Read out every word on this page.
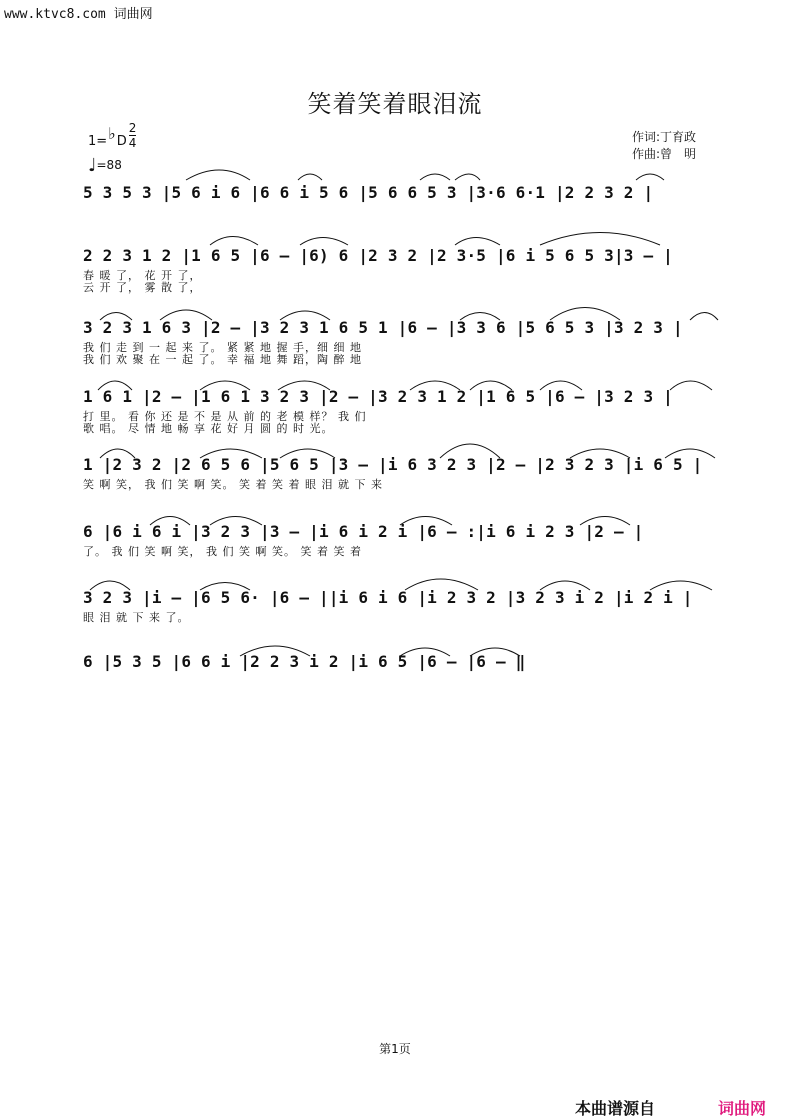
www.ktvc8.com 词曲网
笑着笑着眼泪流
1=♭D $\frac{2}{4}$
♩=88
作词:丁育政
作曲:曾　明
5 3 5 3 |5 6 i 6 |6 6 i 5 6 |5 6 6 5 3 |3·6 6·1 |2 2 3 2 |
2 2 3 1 2 |1 6 5 |6 – |6) 6 |2 3 2 |2 3·5 |6 i 5 6 5 3|3 – |
春 暖 了， 花 开 了，
云 开 了， 雾 散 了，
3 2 3 1 6 3 |2 – |3 2 3 1 6 5 1 |6 – |3 3 6 |5 6 5 3 |3 2 3 |
我 们 走 到 一 起 来 了。 紧 紧 地 握 手，细 细 地
我 们 欢 聚 在 一 起 了。 幸 福 地 舞 蹈，陶 醉 地
1 6 1 |2 – |1 6 1 3 2 3 |2 – |3 2 3 1 2 |1 6 5 |6 – |3 2 3 |
打 里。 看 你 还 是 不 是 从 前 的 老 模 样？ 我 们
歌 唱。 尽 情 地 畅 享 花 好 月 圆 的 时 光。
1 |2 3 2 |2 6 5 6 |5 6 5 |3 – |i 6 3 2 3 |2 – |2 3 2 3 |i 6 5 |
笑 啊 笑， 我 们 笑 啊 笑。 笑 着 笑 着 眼 泪 就 下 来
6 |6 i 6 i |3 2 3 |3 – |i 6 i 2 i |6 – :|i 6 i 2 3 |2 – |
了。 我 们 笑 啊 笑， 我 们 笑 啊 笑。 笑 着 笑 着
3 2 3 |i – |6 5 6· |6 – ||i 6 i 6 |i 2 3 2 |3 2 3 i 2 |i 2 i |
眼 泪 就 下 来 了。
6 |5 3 5 |6 6 i |2 2 3 i 2 |i 6 5 |6 – |6 – ‖
第1页
本曲谱源自	词曲网
